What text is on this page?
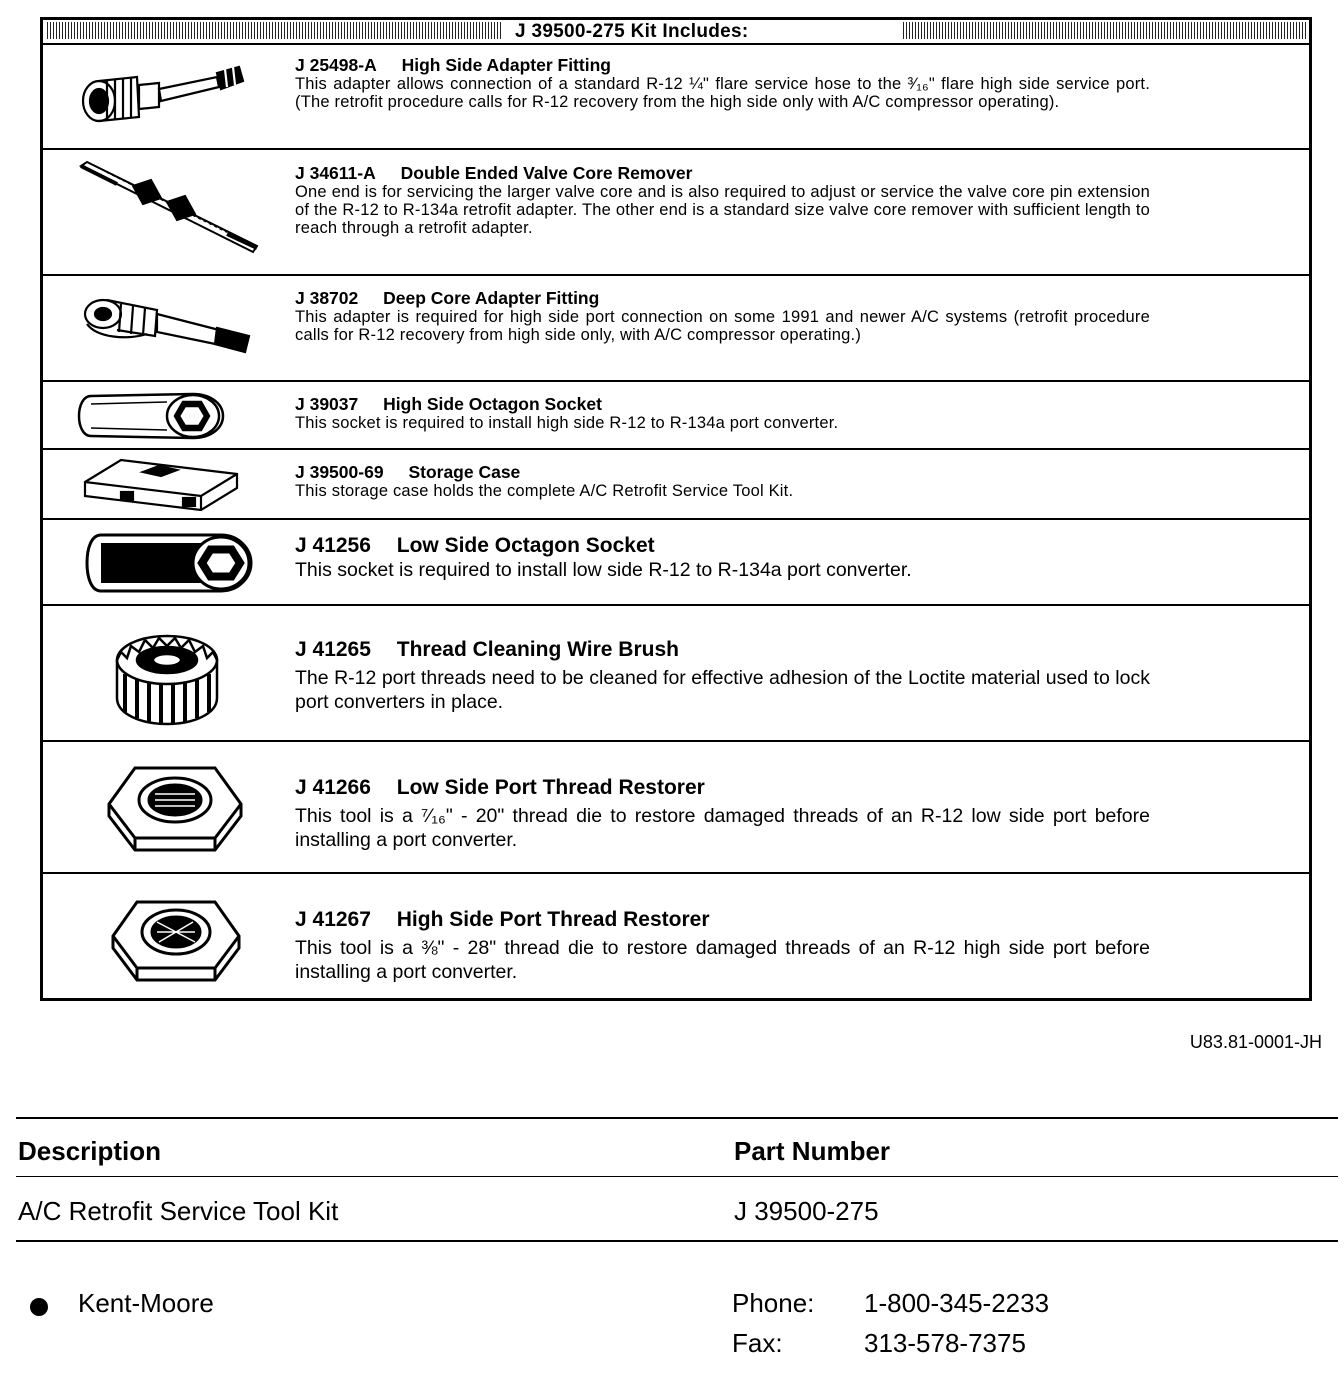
J 39500-275 Kit Includes:
J 25498-A High Side Adapter Fitting
This adapter allows connection of a standard R-12 ¼" flare service hose to the ³⁄₁₆" flare high side service port. (The retrofit procedure calls for R-12 recovery from the high side only with A/C compressor operating).
J 34611-A Double Ended Valve Core Remover
One end is for servicing the larger valve core and is also required to adjust or service the valve core pin extension of the R-12 to R-134a retrofit adapter. The other end is a standard size valve core remover with sufficient length to reach through a retrofit adapter.
J 38702 Deep Core Adapter Fitting
This adapter is required for high side port connection on some 1991 and newer A/C systems (retrofit procedure calls for R-12 recovery from high side only, with A/C compressor operating.)
J 39037 High Side Octagon Socket
This socket is required to install high side R-12 to R-134a port converter.
J 39500-69 Storage Case
This storage case holds the complete A/C Retrofit Service Tool Kit.
J 41256 Low Side Octagon Socket
This socket is required to install low side R-12 to R-134a port converter.
J 41265 Thread Cleaning Wire Brush
The R-12 port threads need to be cleaned for effective adhesion of the Loctite material used to lock port converters in place.
J 41266 Low Side Port Thread Restorer
This tool is a ⁷⁄₁₆" - 20" thread die to restore damaged threads of an R-12 low side port before installing a port converter.
J 41267 High Side Port Thread Restorer
This tool is a ⅜" - 28" thread die to restore damaged threads of an R-12 high side port before installing a port converter.
U83.81-0001-JH
Description	Part Number
A/C Retrofit Service Tool Kit	J 39500-275
Kent-Moore	Phone: 1-800-345-2233
Fax:	313-578-7375
